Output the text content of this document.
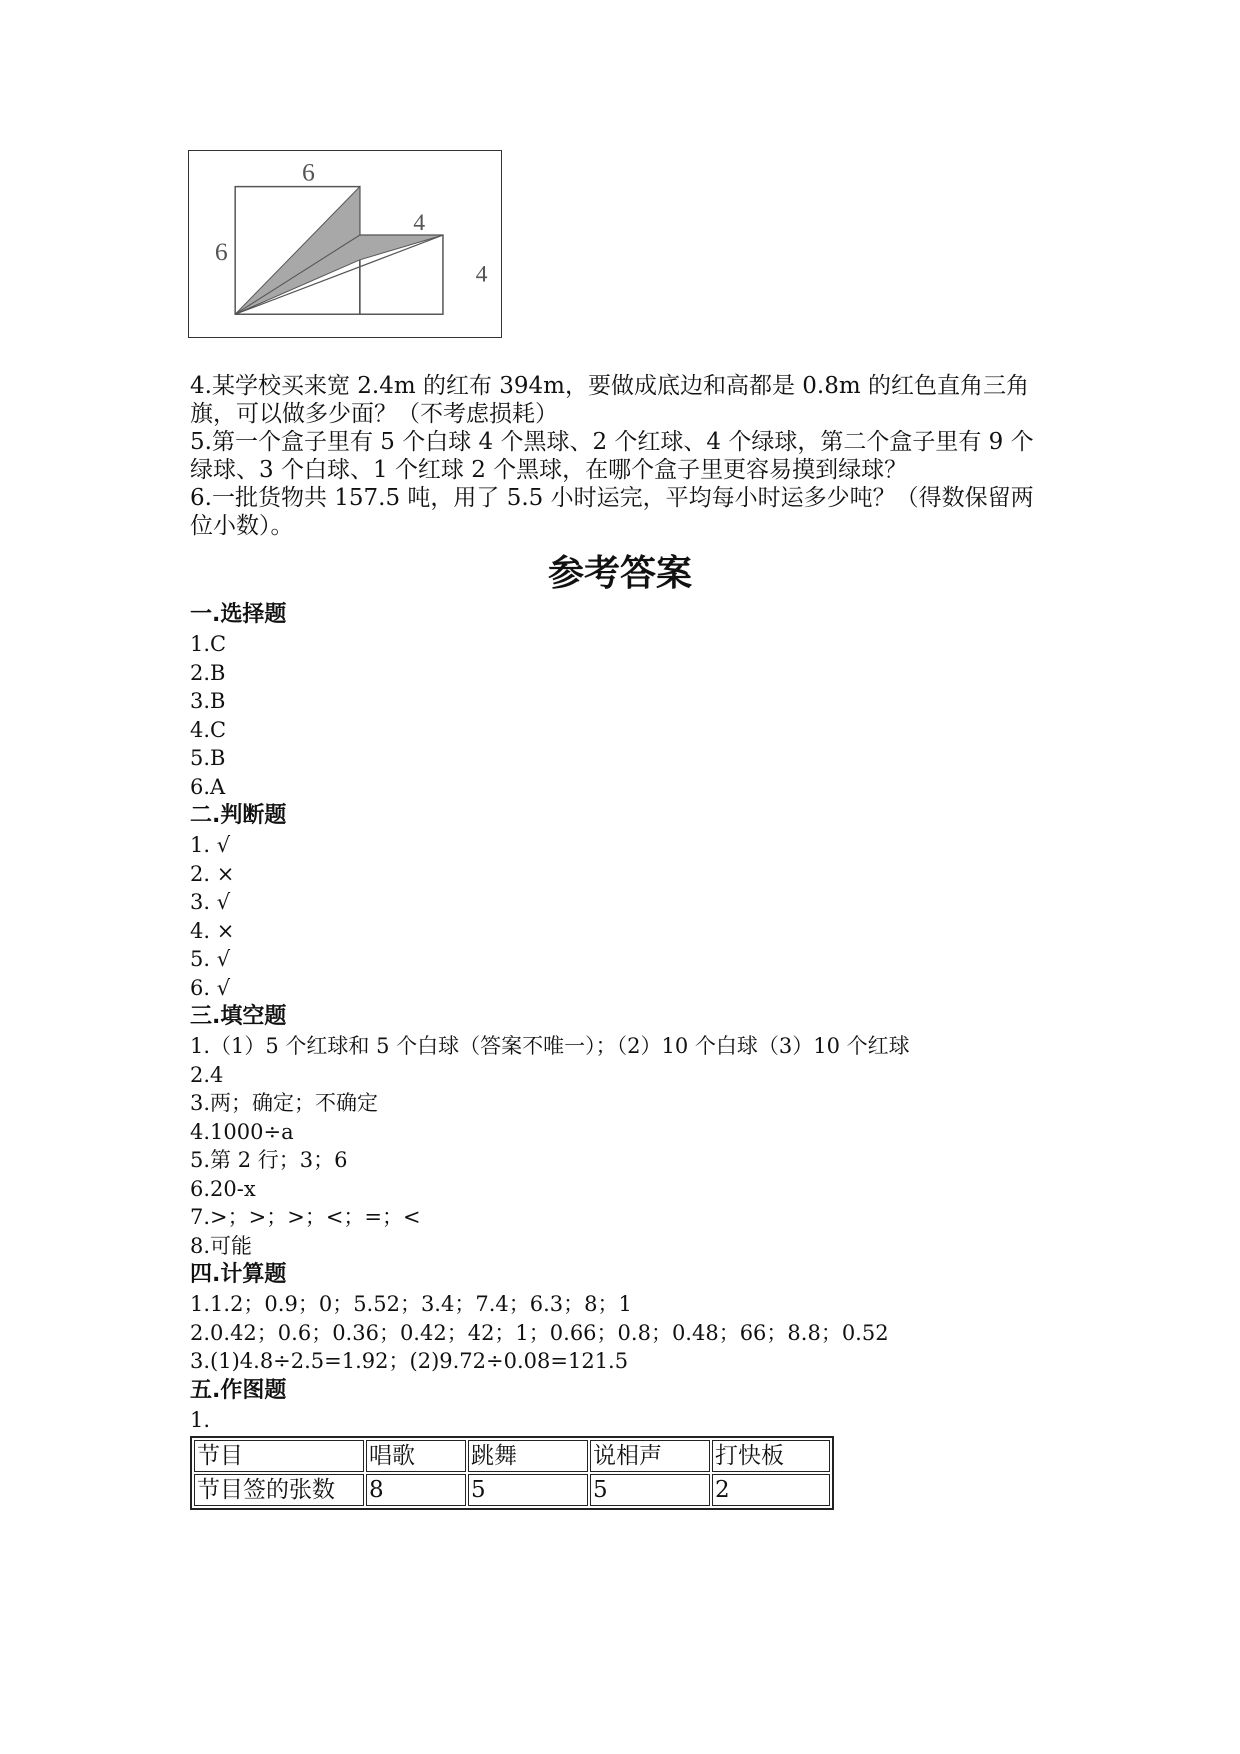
6
6
4
4

4.某学校买来宽 2.4m 的红布 394m，要做成底边和高都是 0.8m 的红色直角三角旗，可以做多少面？（不考虑损耗）

5.第一个盒子里有 5 个白球 4 个黑球、2 个红球、4 个绿球，第二个盒子里有 9 个绿球、3 个白球、1 个红球 2 个黑球，在哪个盒子里更容易摸到绿球？

6.一批货物共 157.5 吨，用了 5.5 小时运完，平均每小时运多少吨？（得数保留两位小数）。

参考答案
一.选择题
1.C
2.B
3.B
4.C
5.B
6.A
二.判断题
1. √
2. ×
3. √
4. ×
5. √
6. √
三.填空题
1.（1）5 个红球和 5 个白球（答案不唯一）；（2）10 个白球（3）10 个红球
2.4
3.两；确定；不确定
4.1000÷a
5.第 2 行；3；6
6.20-x
7.>；>；>；<；=；<
8.可能
四.计算题
1.1.2；0.9；0；5.52；3.4；7.4；6.3；8；1
2.0.42；0.6；0.36；0.42；42；1；0.66；0.8；0.48；66；8.8；0.52
3.(1)4.8÷2.5=1.92；(2)9.72÷0.08=121.5
五.作图题
1.
节目	唱歌	跳舞	说相声	打快板
节目签的张数	8	5	5	2
